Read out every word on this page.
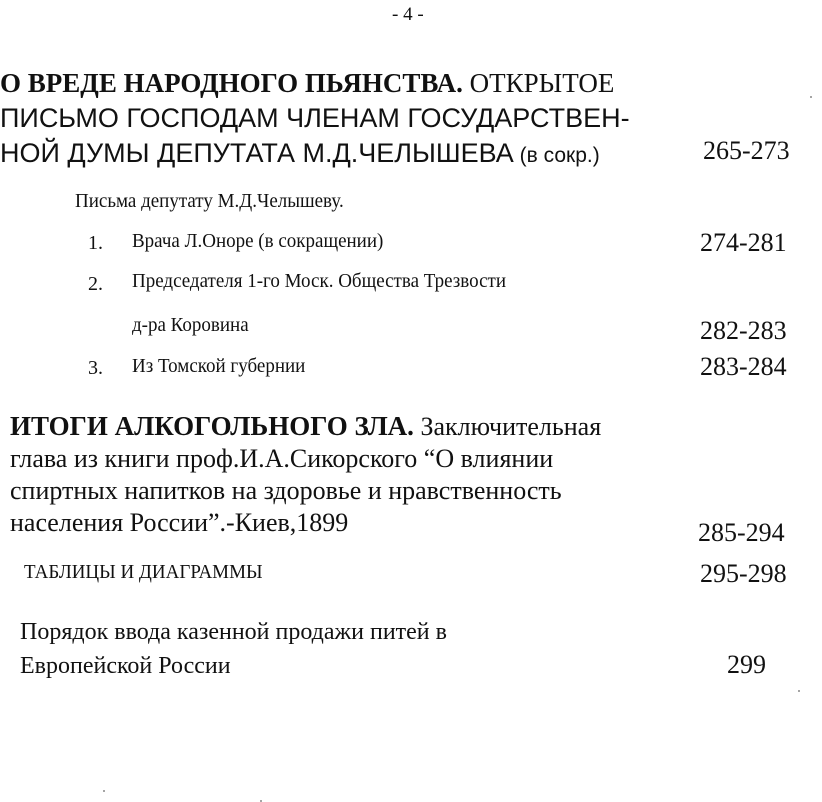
- 4 -
О ВРЕДЕ НАРОДНОГО ПЬЯНСТВА. ОТКРЫТОЕ
ПИСЬМО ГОСПОДАМ ЧЛЕНАМ ГОСУДАРСТВЕН-
НОЙ ДУМЫ ДЕПУТАТА М.Д.ЧЕЛЫШЕВА (в сокр.)	265-273
Письма депутату М.Д.Челышеву.
1. Врача Л.Оноре (в сокращении)	274-281
2. Председателя 1-го Моск. Общества Трезвости
д-ра Коровина	282-283
3. Из Томской губернии	283-284
ИТОГИ АЛКОГОЛЬНОГО ЗЛА. Заключительная
глава из книги проф.И.А.Сикорского “О влиянии
спиртных напитков на здоровье и нравственность
населения России”.-Киев,1899	285-294
ТАБЛИЦЫ И ДИАГРАММЫ	295-298
Порядок ввода казенной продажи питей в
Европейской России	299
